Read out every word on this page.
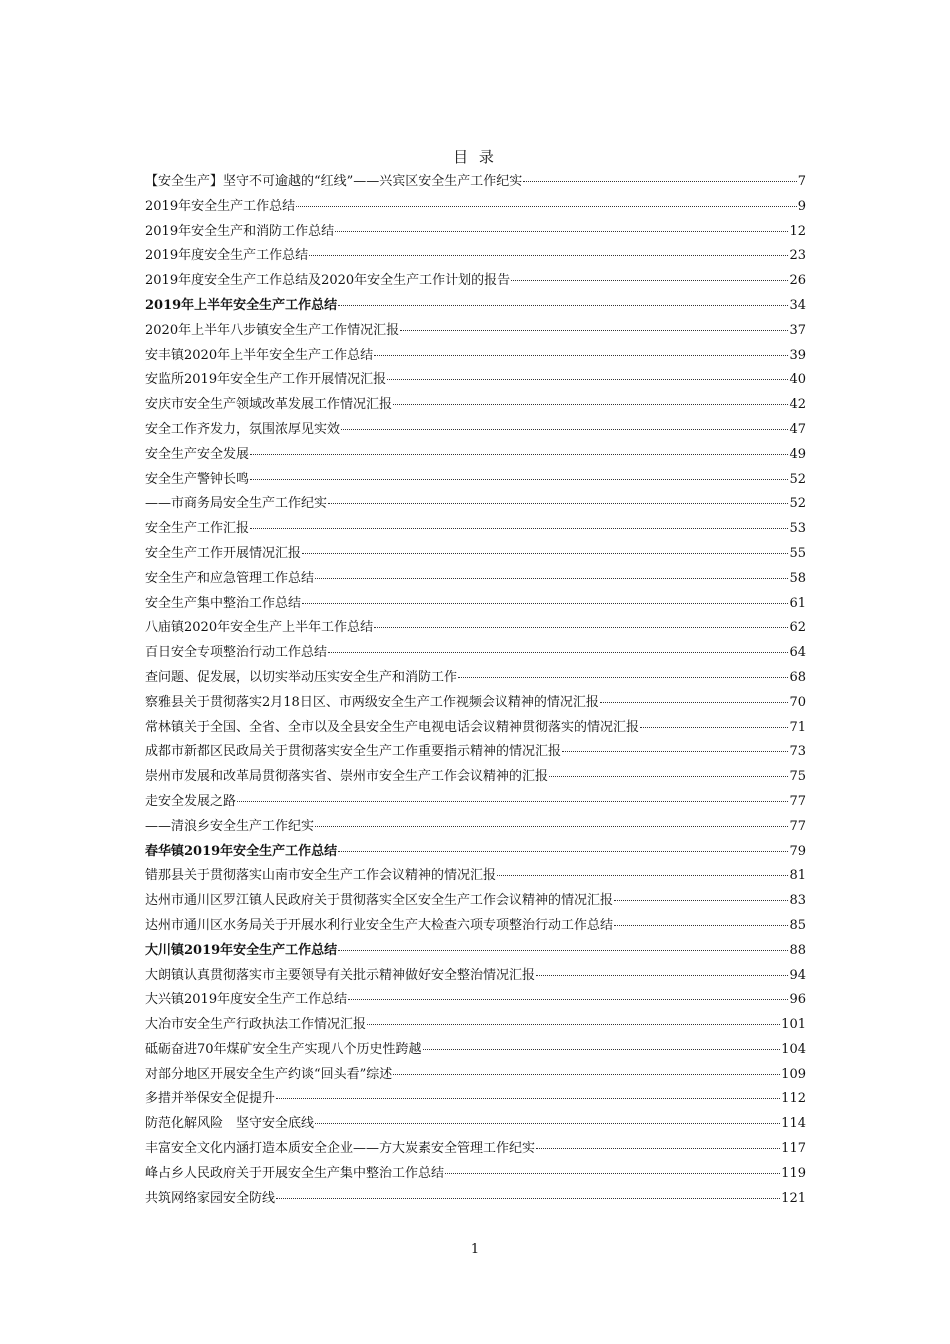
目 录
【安全生产】坚守不可逾越的“红线”——兴宾区安全生产工作纪实	7
2019年安全生产工作总结	9
2019年安全生产和消防工作总结	12
2019年度安全生产工作总结	23
2019年度安全生产工作总结及2020年安全生产工作计划的报告	26
2019年上半年安全生产工作总结	34
2020年上半年八步镇安全生产工作情况汇报	37
安丰镇2020年上半年安全生产工作总结	39
安监所2019年安全生产工作开展情况汇报	40
安庆市安全生产领域改革发展工作情况汇报	42
安全工作齐发力，氛围浓厚见实效	47
安全生产安全发展	49
安全生产警钟长鸣	52
——市商务局安全生产工作纪实	52
安全生产工作汇报	53
安全生产工作开展情况汇报	55
安全生产和应急管理工作总结	58
安全生产集中整治工作总结	61
八庙镇2020年安全生产上半年工作总结	62
百日安全专项整治行动工作总结	64
查问题、促发展，以切实举动压实安全生产和消防工作	68
察雅县关于贯彻落实2月18日区、市两级安全生产工作视频会议精神的情况汇报	70
常林镇关于全国、全省、全市以及全县安全生产电视电话会议精神贯彻落实的情况汇报	71
成都市新都区民政局关于贯彻落实安全生产工作重要指示精神的情况汇报	73
崇州市发展和改革局贯彻落实省、崇州市安全生产工作会议精神的汇报	75
走安全发展之路	77
——清浪乡安全生产工作纪实	77
春华镇2019年安全生产工作总结	79
错那县关于贯彻落实山南市安全生产工作会议精神的情况汇报	81
达州市通川区罗江镇人民政府关于贯彻落实全区安全生产工作会议精神的情况汇报	83
达州市通川区水务局关于开展水利行业安全生产大检查六项专项整治行动工作总结	85
大川镇2019年安全生产工作总结	88
大朗镇认真贯彻落实市主要领导有关批示精神做好安全整治情况汇报	94
大兴镇2019年度安全生产工作总结	96
大冶市安全生产行政执法工作情况汇报	101
砥砺奋进70年煤矿安全生产实现八个历史性跨越	104
对部分地区开展安全生产约谈“回头看”综述	109
多措并举保安全促提升	112
防范化解风险　坚守安全底线	114
丰富安全文化内涵打造本质安全企业——方大炭素安全管理工作纪实	117
峰占乡人民政府关于开展安全生产集中整治工作总结	119
共筑网络家园安全防线	121
1
